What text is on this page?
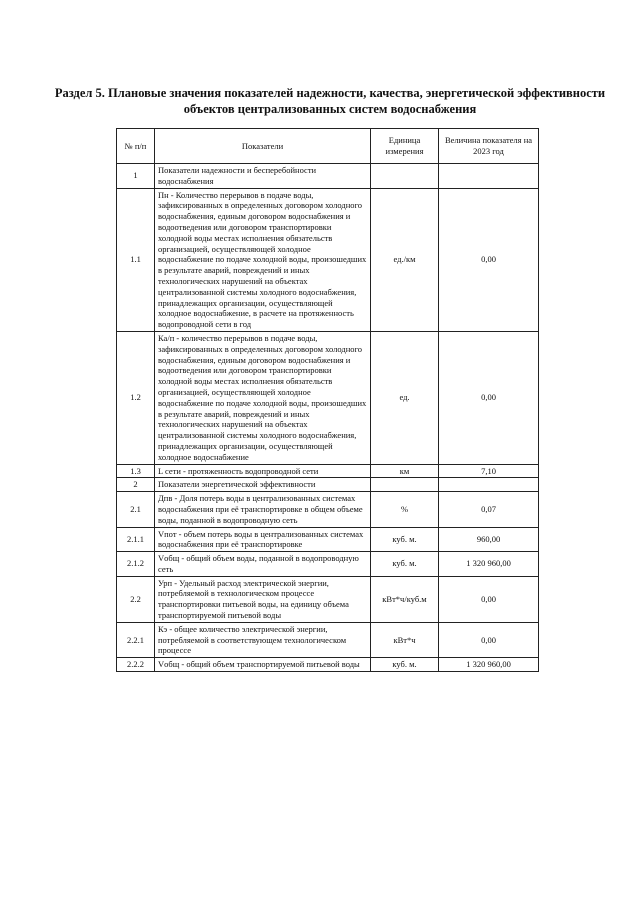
Раздел 5. Плановые значения показателей надежности, качества, энергетической эффективности
объектов централизованных систем водоснабжения
№ п/п	Показатели	Единица измерения	Величина показателя на 2023 год
1	Показатели надежности и бесперебойности водоснабжения		
1.1	Пн - Количество перерывов в подаче воды, зафиксированных в определенных договором холодного водоснабжения, единым договором водоснабжения и водоотведения или договором транспортировки холодной воды местах исполнения обязательств организацией, осуществляющей холодное водоснабжение по подаче холодной воды, произошедших в результате аварий, повреждений и иных технологических нарушений на объектах централизованной системы холодного водоснабжения, принадлежащих организации, осуществляющей холодное водоснабжение, в расчете на протяженность водопроводной сети в год	ед./км	0,00
1.2	Ка/п - количество перерывов в подаче воды, зафиксированных в определенных договором холодного водоснабжения, единым договором водоснабжения и водоотведения или договором транспортировки холодной воды местах исполнения обязательств организацией, осуществляющей холодное водоснабжение по подаче холодной воды, произошедших в результате аварий, повреждений и иных технологических нарушений на объектах централизованной системы холодного водоснабжения, принадлежащих организации, осуществляющей холодное водоснабжение	ед.	0,00
1.3	L сети - протяженность водопроводной сети	км	7,10
2	Показатели энергетической эффективности		
2.1	Дпв - Доля потерь воды в централизованных системах водоснабжения при её транспортировке в общем объеме воды, поданной в водопроводную сеть	%	0,07
2.1.1	Vпот - объем потерь воды в централизованных системах водоснабжения при её транспортировке	куб. м.	960,00
2.1.2	Vобщ - общий объем воды, поданной в водопроводную сеть	куб. м.	1 320 960,00
2.2	Урп - Удельный расход электрической энергии, потребляемой в технологическом процессе транспортировки питьевой воды, на единицу объема транспортируемой питьевой воды	кВт*ч/куб.м	0,00
2.2.1	Кэ - общее количество электрической энергии, потребляемой в соответствующем технологическом процессе	кВт*ч	0,00
2.2.2	Vобщ - общий объем транспортируемой питьевой воды	куб. м.	1 320 960,00
